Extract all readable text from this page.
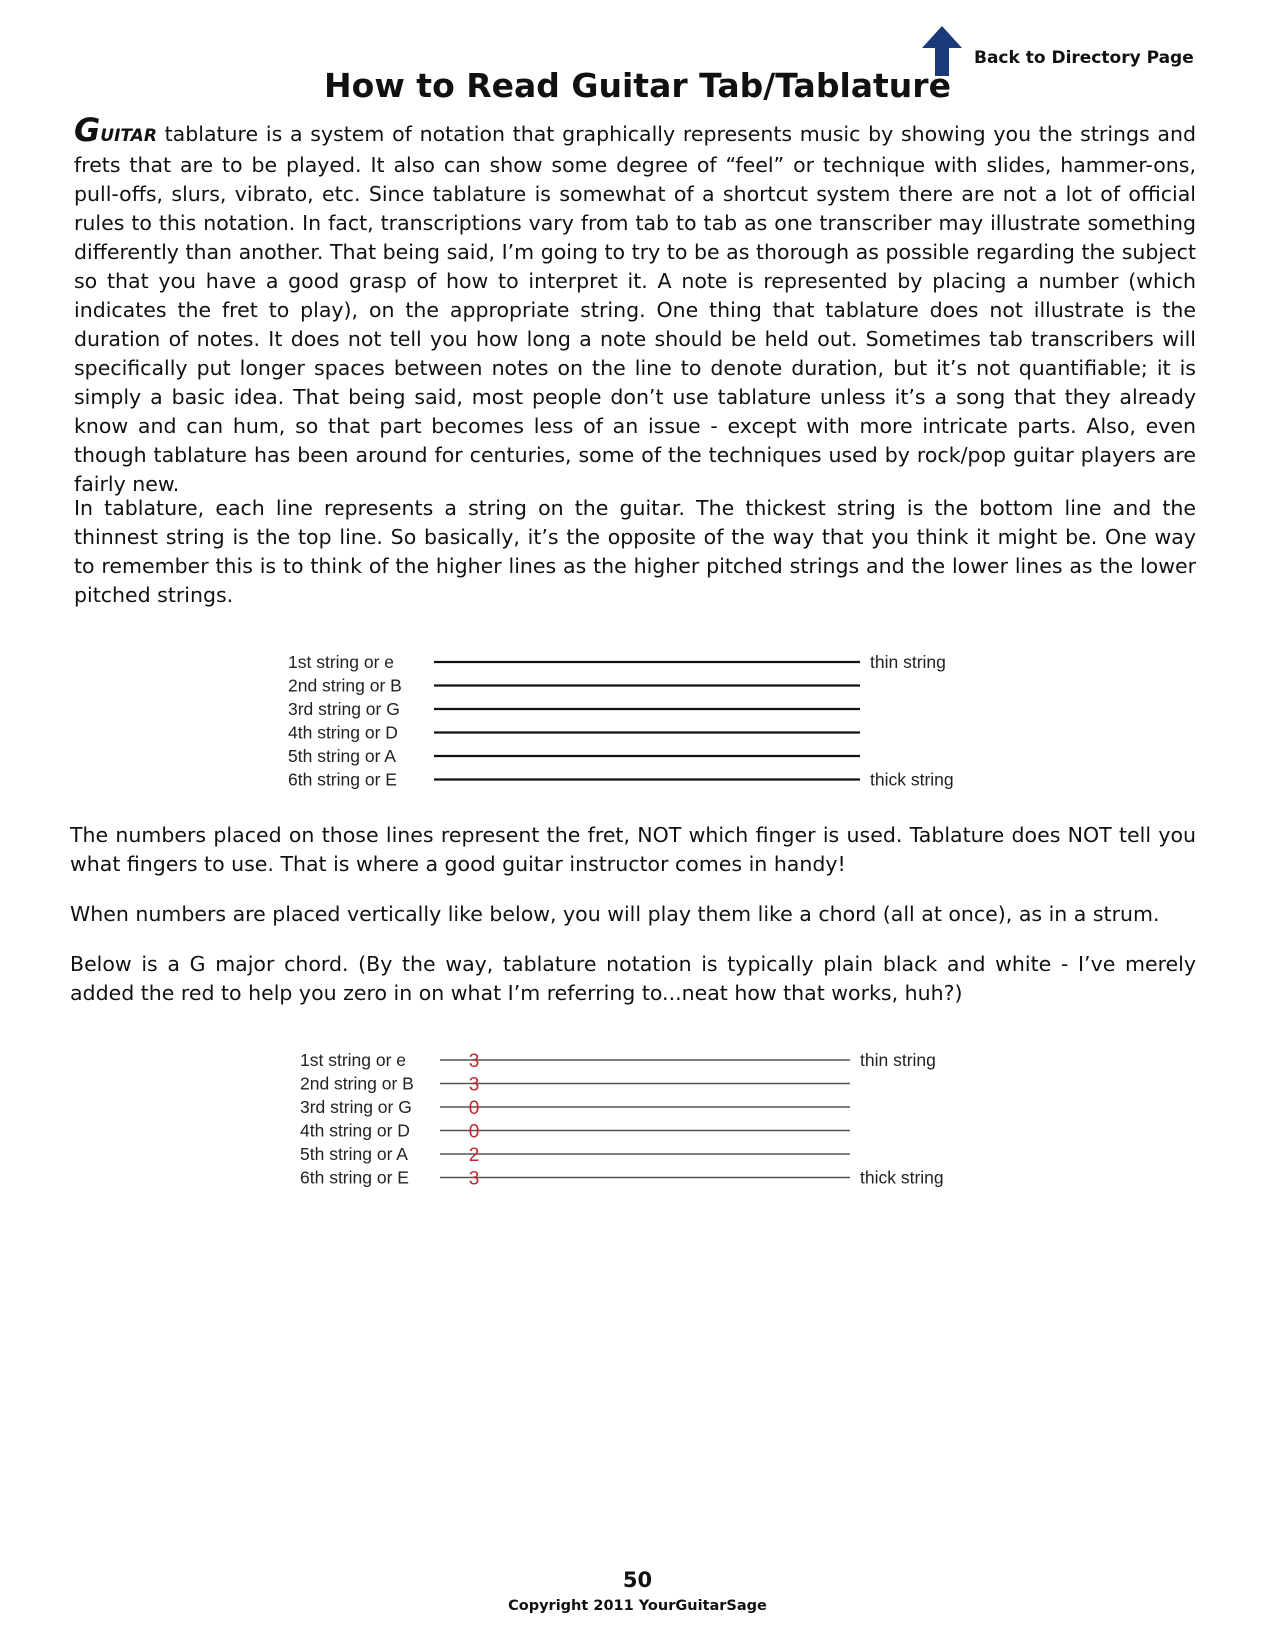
Back to Directory Page
How to Read Guitar Tab/Tablature

GUITAR tablature is a system of notation that graphically represents music by showing you the strings and frets that are to be played. It also can show some degree of “feel” or technique with slides, hammer-ons, pull-offs, slurs, vibrato, etc. Since tablature is somewhat of a shortcut system there are not a lot of official rules to this notation. In fact, transcriptions vary from tab to tab as one transcriber may illustrate something differently than another. That being said, I’m going to try to be as thorough as possible regarding the subject so that you have a good grasp of how to interpret it. A note is represented by placing a number (which indicates the fret to play), on the appropriate string. One thing that tablature does not illustrate is the duration of notes. It does not tell you how long a note should be held out. Sometimes tab transcribers will specifically put longer spaces between notes on the line to denote duration, but it’s not quantifiable; it is simply a basic idea. That being said, most people don’t use tablature unless it’s a song that they already know and can hum, so that part becomes less of an issue - except with more intricate parts. Also, even though tablature has been around for centuries, some of the techniques used by rock/pop guitar players are fairly new.

In tablature, each line represents a string on the guitar. The thickest string is the bottom line and the thinnest string is the top line. So basically, it’s the opposite of the way that you think it might be. One way to remember this is to think of the higher lines as the higher pitched strings and the lower lines as the lower pitched strings.

1st string or e
2nd string or B
3rd string or G
4th string or D
5th string or A
6th string or E
thin string
thick string

The numbers placed on those lines represent the fret, NOT which finger is used. Tablature does NOT tell you what fingers to use. That is where a good guitar instructor comes in handy!

When numbers are placed vertically like below, you will play them like a chord (all at once), as in a strum.

Below is a G major chord. (By the way, tablature notation is typically plain black and white - I’ve merely added the red to help you zero in on what I’m referring to...neat how that works, huh?)

1st string or e	3
2nd string or B	3
3rd string or G	0
4th string or D	0
5th string or A	2
6th string or E	3
thin string
thick string

50

Copyright 2011 YourGuitarSage
